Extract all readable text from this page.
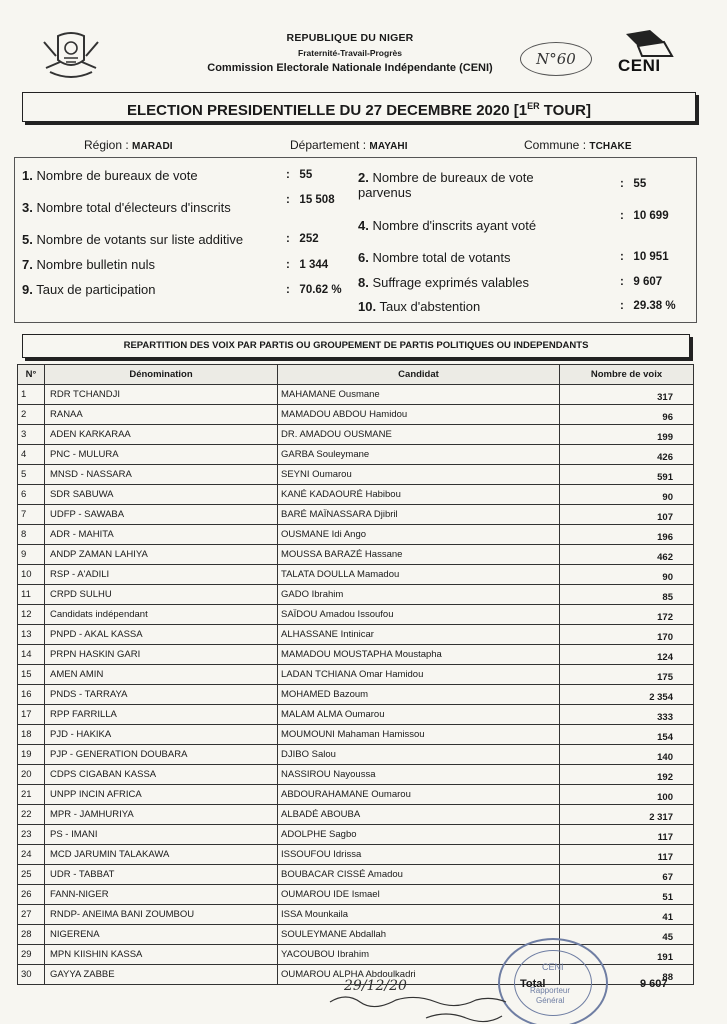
REPUBLIQUE DU NIGER
Fraternité-Travail-Progrès
Commission Electorale Nationale Indépendante (CENI)	N°60	CENI
ELECTION PRESIDENTIELLE DU 27 DECEMBRE 2020 [1ER TOUR]
Région : MARADI	Département : MAYAHI	Commune : TCHAKE
1. Nombre de bureaux de vote	:   55
3. Nombre total d'électeurs d'inscrits	:   15 508
5. Nombre de votants sur liste additive	:   252
7. Nombre bulletin nuls	:   1 344
9. Taux de participation	:   70.62 %
2. Nombre de bureaux de vote
parvenus
:   55
4. Nombre d'inscrits ayant voté
:   10 699
6. Nombre total de votants	:   10 951
8. Suffrage exprimés valables	:   9 607
10. Taux d'abstention	:   29.38 %
REPARTITION DES VOIX PAR PARTIS OU GROUPEMENT DE PARTIS POLITIQUES OU INDEPENDANTS
N°	Dénomination	Candidat	Nombre de voix
1	RDR TCHANDJI	MAHAMANE Ousmane	317
2	RANAA	MAMADOU ABDOU Hamidou	96
3	ADEN KARKARAA	DR. AMADOU OUSMANE	199
4	PNC - MULURA	GARBA Souleymane	426
5	MNSD - NASSARA	SEYNI Oumarou	591
6	SDR SABUWA	KANÉ KADAOURÉ Habibou	90
7	UDFP - SAWABA	BARÉ MAÏNASSARA Djibril	107
8	ADR - MAHITA	OUSMANE Idi Ango	196
9	ANDP ZAMAN LAHIYA	MOUSSA BARAZÉ Hassane	462
10	RSP - A'ADILI	TALATA DOULLA Mamadou	90
11	CRPD SULHU	GADO Ibrahim	85
12	Candidats indépendant	SAÏDOU Amadou Issoufou	172
13	PNPD - AKAL KASSA	ALHASSANE Intinicar	170
14	PRPN HASKIN GARI	MAMADOU MOUSTAPHA Moustapha	124
15	AMEN AMIN	LADAN TCHIANA Omar Hamidou	175
16	PNDS - TARRAYA	MOHAMED Bazoum	2 354
17	RPP FARRILLA	MALAM ALMA Oumarou	333
18	PJD - HAKIKA	MOUMOUNI Mahaman Hamissou	154
19	PJP - GENERATION DOUBARA	DJIBO Salou	140
20	CDPS CIGABAN KASSA	NASSIROU Nayoussa	192
21	UNPP INCIN AFRICA	ABDOURAHAMANE Oumarou	100
22	MPR - JAMHURIYA	ALBADÉ ABOUBA	2 317
23	PS - IMANI	ADOLPHE Sagbo	117
24	MCD JARUMIN TALAKAWA	ISSOUFOU Idrissa	117
25	UDR - TABBAT	BOUBACAR CISSÉ Amadou	67
26	FANN-NIGER	OUMAROU IDE Ismael	51
27	RNDP- ANEIMA BANI ZOUMBOU	ISSA Mounkaila	41
28	NIGERENA	SOULEYMANE Abdallah	45
29	MPN KIISHIN KASSA	YACOUBOU Ibrahim	191
30	GAYYA ZABBE	OUMAROU ALPHA Abdoulkadri	88
CENI
Rapporteur
Général
Total	9 607
29/12/20
